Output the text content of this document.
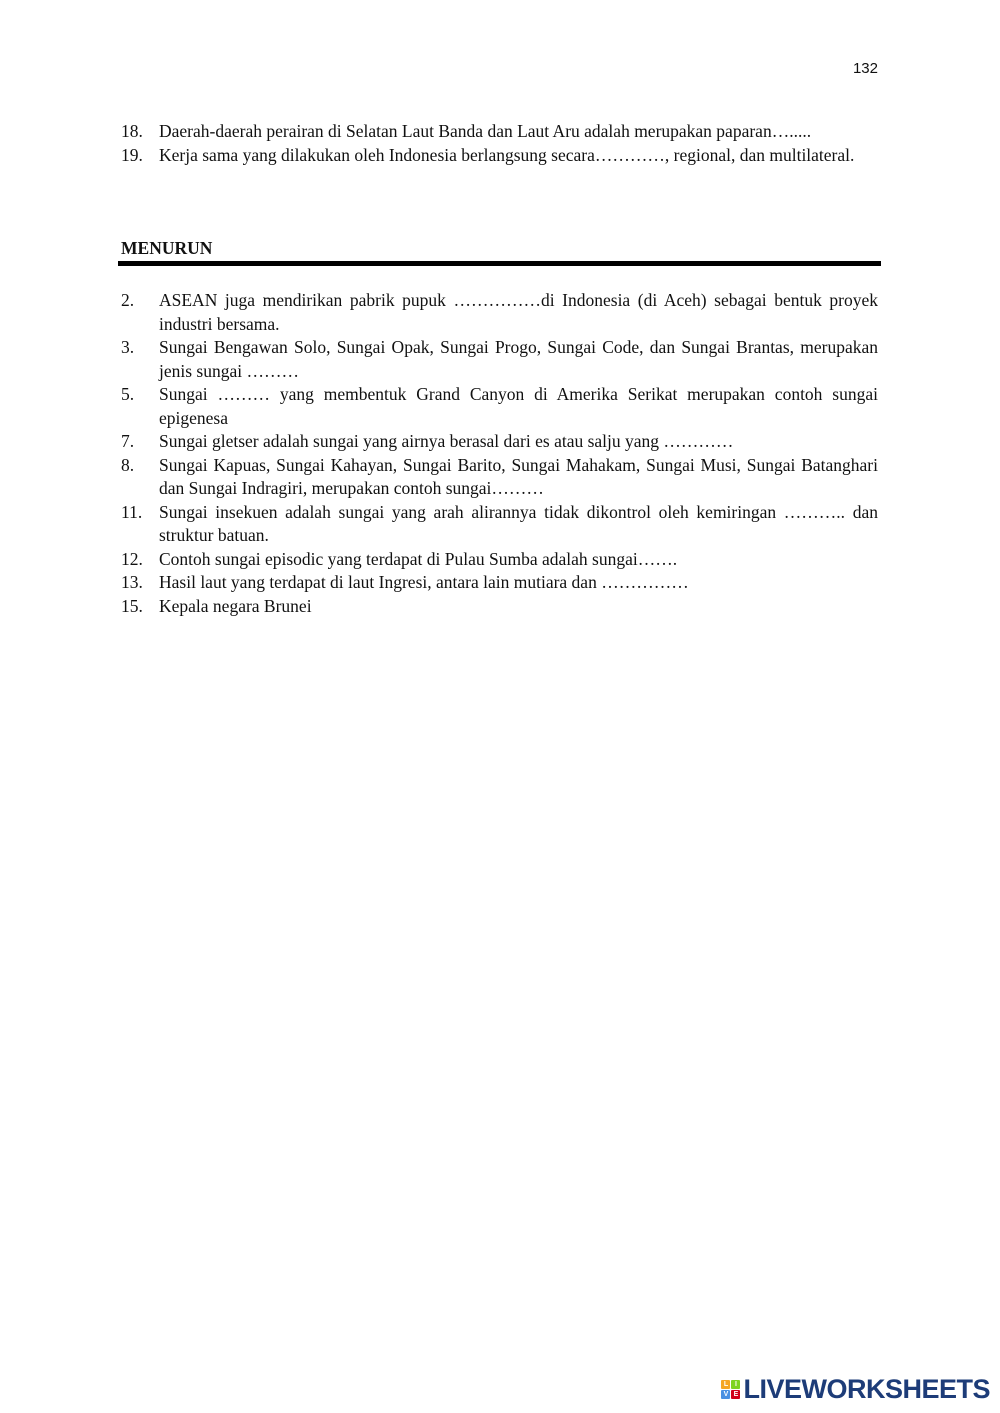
132
18. Daerah-daerah perairan di Selatan Laut Banda dan Laut Aru adalah merupakan paparan….....
19. Kerja sama yang dilakukan oleh Indonesia berlangsung secara…………, regional, dan multilateral.
MENURUN
2.	ASEAN juga mendirikan pabrik pupuk ……………di Indonesia (di Aceh) sebagai bentuk proyek industri bersama.
3.	Sungai Bengawan Solo, Sungai Opak, Sungai Progo, Sungai Code, dan Sungai Brantas, merupakan jenis sungai ………
5.	Sungai ……… yang membentuk Grand Canyon di Amerika Serikat merupakan contoh sungai epigenesa
7.	Sungai gletser adalah sungai yang airnya berasal dari es atau salju yang …………
8.	Sungai Kapuas, Sungai Kahayan, Sungai Barito, Sungai Mahakam, Sungai Musi, Sungai Batanghari dan Sungai Indragiri, merupakan contoh sungai………
11. Sungai insekuen adalah sungai yang arah alirannya tidak dikontrol oleh kemiringan ……….. dan struktur batuan.
12. Contoh sungai episodic yang terdapat di Pulau Sumba adalah sungai…….
13. Hasil laut yang terdapat di laut Ingresi, antara lain mutiara dan ……………
15. Kepala negara Brunei
L I
V E LIVEWORKSHEETS
